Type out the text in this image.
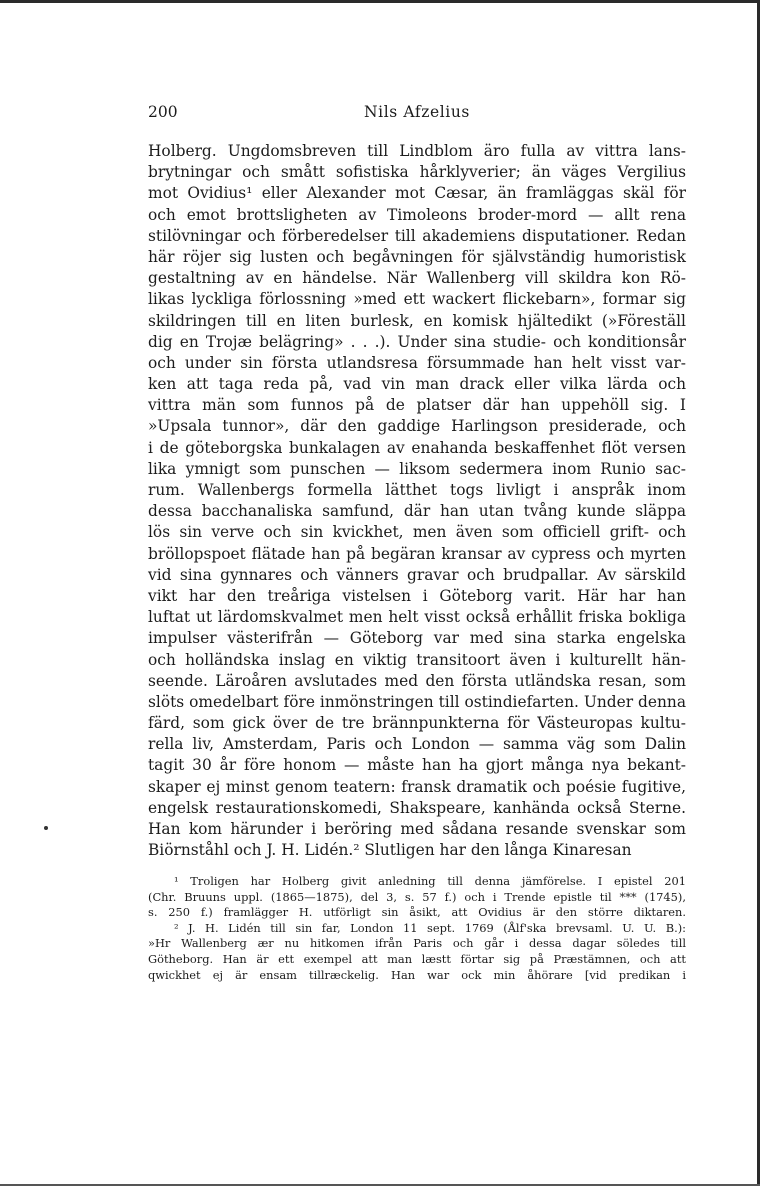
200	Nils Afzelius
Holberg. Ungdomsbreven till Lindblom äro fulla av vittra lans-
brytningar och smått sofistiska hårklyverier; än väges Vergilius
mot Ovidius¹ eller Alexander mot Cæsar, än framläggas skäl för
och emot brottsligheten av Timoleons broder-mord — allt rena
stilövningar och förberedelser till akademiens disputationer. Redan
här röjer sig lusten och begåvningen för självständig humoristisk
gestaltning av en händelse. När Wallenberg vill skildra kon Rö-
likas lyckliga förlossning »med ett wackert flickebarn», formar sig
skildringen till en liten burlesk, en komisk hjältedikt (»Föreställ
dig en Trojæ belägring» . . .). Under sina studie- och konditionsår
och under sin första utlandsresa försummade han helt visst var-
ken att taga reda på, vad vin man drack eller vilka lärda och
vittra män som funnos på de platser där han uppehöll sig. I
»Upsala tunnor», där den gaddige Harlingson presiderade, och
i de göteborgska bunkalagen av enahanda beskaffenhet flöt versen
lika ymnigt som punschen — liksom sedermera inom Runio sac-
rum. Wallenbergs formella lätthet togs livligt i anspråk inom
dessa bacchanaliska samfund, där han utan tvång kunde släppa
lös sin verve och sin kvickhet, men även som officiell grift- och
bröllopspoet flätade han på begäran kransar av cypress och myrten
vid sina gynnares och vänners gravar och brudpallar. Av särskild
vikt har den treåriga vistelsen i Göteborg varit. Här har han
luftat ut lärdomskvalmet men helt visst också erhållit friska bokliga
impulser västerifrån — Göteborg var med sina starka engelska
och holländska inslag en viktig transitoort även i kulturellt hän-
seende. Läroåren avslutades med den första utländska resan, som
slöts omedelbart före inmönstringen till ostindiefarten. Under denna
färd, som gick över de tre brännpunkterna för Västeuropas kultu-
rella liv, Amsterdam, Paris och London — samma väg som Dalin
tagit 30 år före honom — måste han ha gjort många nya bekant-
skaper ej minst genom teatern: fransk dramatik och poésie fugitive,
engelsk restaurationskomedi, Shakspeare, kanhända också Sterne.
Han kom härunder i beröring med sådana resande svenskar som
Biörnståhl och J. H. Lidén.² Slutligen har den långa Kinaresan
¹ Troligen har Holberg givit anledning till denna jämförelse. I epistel 201
(Chr. Bruuns uppl. (1865—1875), del 3, s. 57 f.) och i Trende epistle til *** (1745),
s. 250 f.) framlägger H. utförligt sin åsikt, att Ovidius är den större diktaren.
² J. H. Lidén till sin far, London 11 sept. 1769 (Ålf'ska brevsaml. U. U. B.):
»Hr Wallenberg ær nu hitkomen ifrån Paris och går i dessa dagar söledes till
Götheborg. Han är ett exempel att man læstt förtar sig på Præstämnen, och att
qwickhet ej är ensam tillræckelig. Han war ock min åhörare [vid predikan i
